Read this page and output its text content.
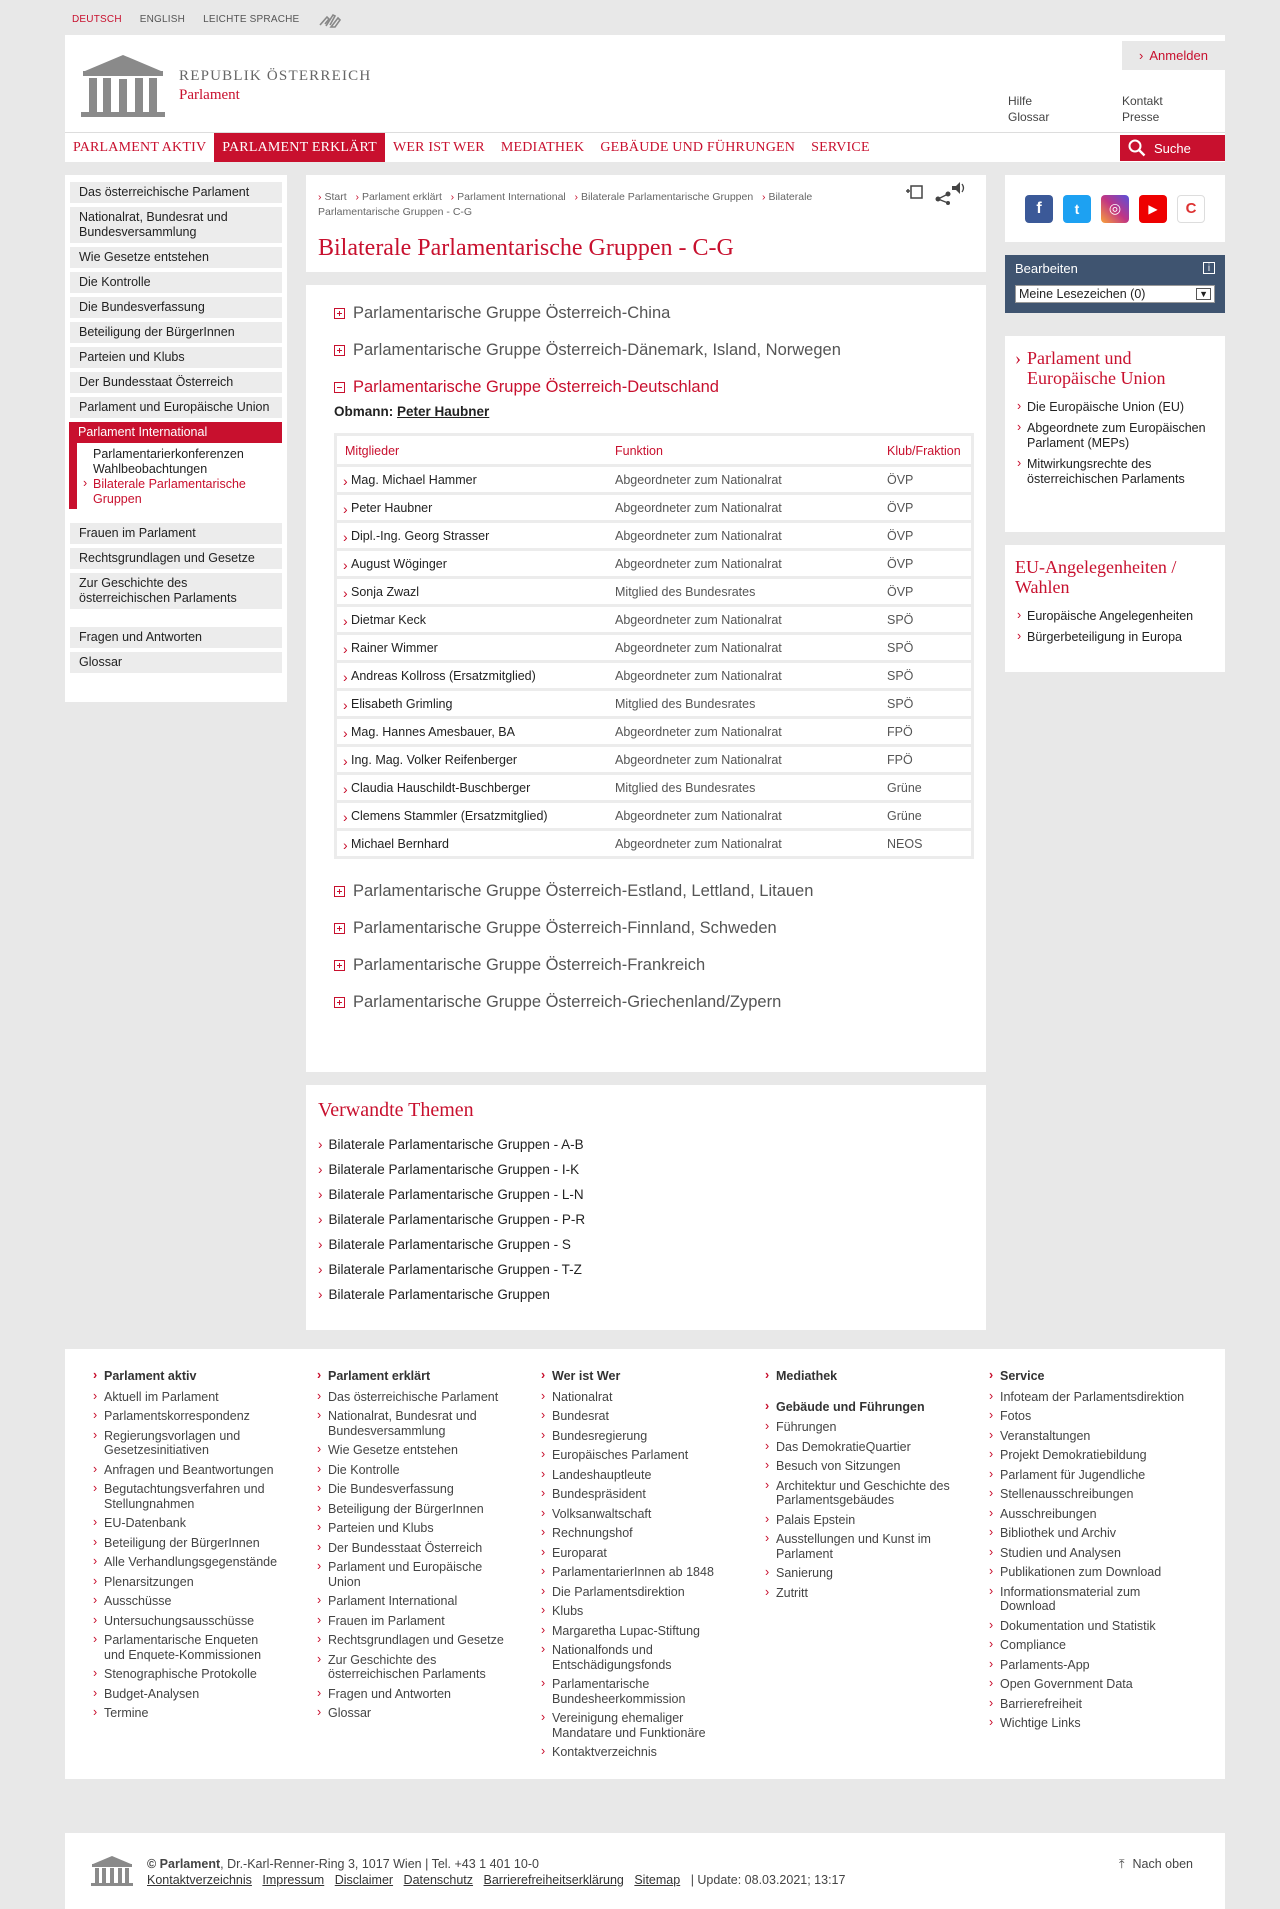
DEUTSCH ENGLISH LEICHTE SPRACHE
REPUBLIK ÖSTERREICH
Parlament
› Anmelden
Hilfe
Glossar
Kontakt
Presse
PARLAMENT AKTIV	PARLAMENT ERKLÄRT	WER IST WER	MEDIATHEK	GEBÄUDE UND FÜHRUNGEN	SERVICE	Suche
Das österreichische Parlament
Nationalrat, Bundesrat und Bundesversammlung
Wie Gesetze entstehen
Die Kontrolle
Die Bundesverfassung
Beteiligung der BürgerInnen
Parteien und Klubs
Der Bundesstaat Österreich
Parlament und Europäische Union
Parlament International
Parlamentarierkonferenzen
Wahlbeobachtungen
› Bilaterale Parlamentarische Gruppen
Frauen im Parlament
Rechtsgrundlagen und Gesetze
Zur Geschichte des österreichischen Parlaments
Fragen und Antworten
Glossar
› Start › Parlament erklärt › Parlament International › Bilaterale Parlamentarische Gruppen › Bilaterale Parlamentarische Gruppen - C-G
Bilaterale Parlamentarische Gruppen - C-G
Parlamentarische Gruppe Österreich-China
Parlamentarische Gruppe Österreich-Dänemark, Island, Norwegen
Parlamentarische Gruppe Österreich-Deutschland
Obmann: Peter Haubner
Mitglieder	Funktion	Klub/Fraktion
› Mag. Michael Hammer	Abgeordneter zum Nationalrat	ÖVP
› Peter Haubner	Abgeordneter zum Nationalrat	ÖVP
› Dipl.-Ing. Georg Strasser	Abgeordneter zum Nationalrat	ÖVP
› August Wöginger	Abgeordneter zum Nationalrat	ÖVP
› Sonja Zwazl	Mitglied des Bundesrates	ÖVP
› Dietmar Keck	Abgeordneter zum Nationalrat	SPÖ
› Rainer Wimmer	Abgeordneter zum Nationalrat	SPÖ
› Andreas Kollross (Ersatzmitglied)	Abgeordneter zum Nationalrat	SPÖ
› Elisabeth Grimling	Mitglied des Bundesrates	SPÖ
› Mag. Hannes Amesbauer, BA	Abgeordneter zum Nationalrat	FPÖ
› Ing. Mag. Volker Reifenberger	Abgeordneter zum Nationalrat	FPÖ
› Claudia Hauschildt-Buschberger	Mitglied des Bundesrates	Grüne
› Clemens Stammler (Ersatzmitglied)	Abgeordneter zum Nationalrat	Grüne
› Michael Bernhard	Abgeordneter zum Nationalrat	NEOS
Parlamentarische Gruppe Österreich-Estland, Lettland, Litauen
Parlamentarische Gruppe Österreich-Finnland, Schweden
Parlamentarische Gruppe Österreich-Frankreich
Parlamentarische Gruppe Österreich-Griechenland/Zypern
Verwandte Themen
› Bilaterale Parlamentarische Gruppen - A-B
› Bilaterale Parlamentarische Gruppen - I-K
› Bilaterale Parlamentarische Gruppen - L-N
› Bilaterale Parlamentarische Gruppen - P-R
› Bilaterale Parlamentarische Gruppen - S
› Bilaterale Parlamentarische Gruppen - T-Z
› Bilaterale Parlamentarische Gruppen
f	t	◎	▶	C
Bearbeiten	i
Meine Lesezeichen (0)	▼
› Parlament und Europäische Union
› Die Europäische Union (EU)
› Abgeordnete zum Europäischen Parlament (MEPs)
› Mitwirkungsrechte des österreichischen Parlaments
EU-Angelegenheiten / Wahlen
› Europäische Angelegenheiten
› Bürgerbeteiligung in Europa
› Parlament aktiv
› Aktuell im Parlament
› Parlamentskorrespondenz
› Regierungsvorlagen und Gesetzesinitiativen
› Anfragen und Beantwortungen
› Begutachtungsverfahren und Stellungnahmen
› EU-Datenbank
› Beteiligung der BürgerInnen
› Alle Verhandlungsgegenstände
› Plenarsitzungen
› Ausschüsse
› Untersuchungsausschüsse
› Parlamentarische Enqueten und Enquete-Kommissionen
› Stenographische Protokolle
› Budget-Analysen
› Termine
› Parlament erklärt
› Das österreichische Parlament
› Nationalrat, Bundesrat und Bundesversammlung
› Wie Gesetze entstehen
› Die Kontrolle
› Die Bundesverfassung
› Beteiligung der BürgerInnen
› Parteien und Klubs
› Der Bundesstaat Österreich
› Parlament und Europäische Union
› Parlament International
› Frauen im Parlament
› Rechtsgrundlagen und Gesetze
› Zur Geschichte des österreichischen Parlaments
› Fragen und Antworten
› Glossar
› Wer ist Wer
› Nationalrat
› Bundesrat
› Bundesregierung
› Europäisches Parlament
› Landeshauptleute
› Bundespräsident
› Volksanwaltschaft
› Rechnungshof
› Europarat
› ParlamentarierInnen ab 1848
› Die Parlamentsdirektion
› Klubs
› Margaretha Lupac-Stiftung
› Nationalfonds und Entschädigungsfonds
› Parlamentarische Bundesheerkommission
› Vereinigung ehemaliger Mandatare und Funktionäre
› Kontaktverzeichnis
› Mediathek
› Gebäude und Führungen
› Führungen
› Das DemokratieQuartier
› Besuch von Sitzungen
› Architektur und Geschichte des Parlamentsgebäudes
› Palais Epstein
› Ausstellungen und Kunst im Parlament
› Sanierung
› Zutritt
› Service
› Infoteam der Parlamentsdirektion
› Fotos
› Veranstaltungen
› Projekt Demokratiebildung
› Parlament für Jugendliche
› Stellenausschreibungen
› Ausschreibungen
› Bibliothek und Archiv
› Studien und Analysen
› Publikationen zum Download
› Informationsmaterial zum Download
› Dokumentation und Statistik
› Compliance
› Parlaments-App
› Open Government Data
› Barrierefreiheit
› Wichtige Links
© Parlament, Dr.-Karl-Renner-Ring 3, 1017 Wien | Tel. +43 1 401 10-0
Kontaktverzeichnis Impressum Disclaimer Datenschutz Barrierefreiheitserklärung Sitemap | Update: 08.03.2021; 13:17
⤒ Nach oben
